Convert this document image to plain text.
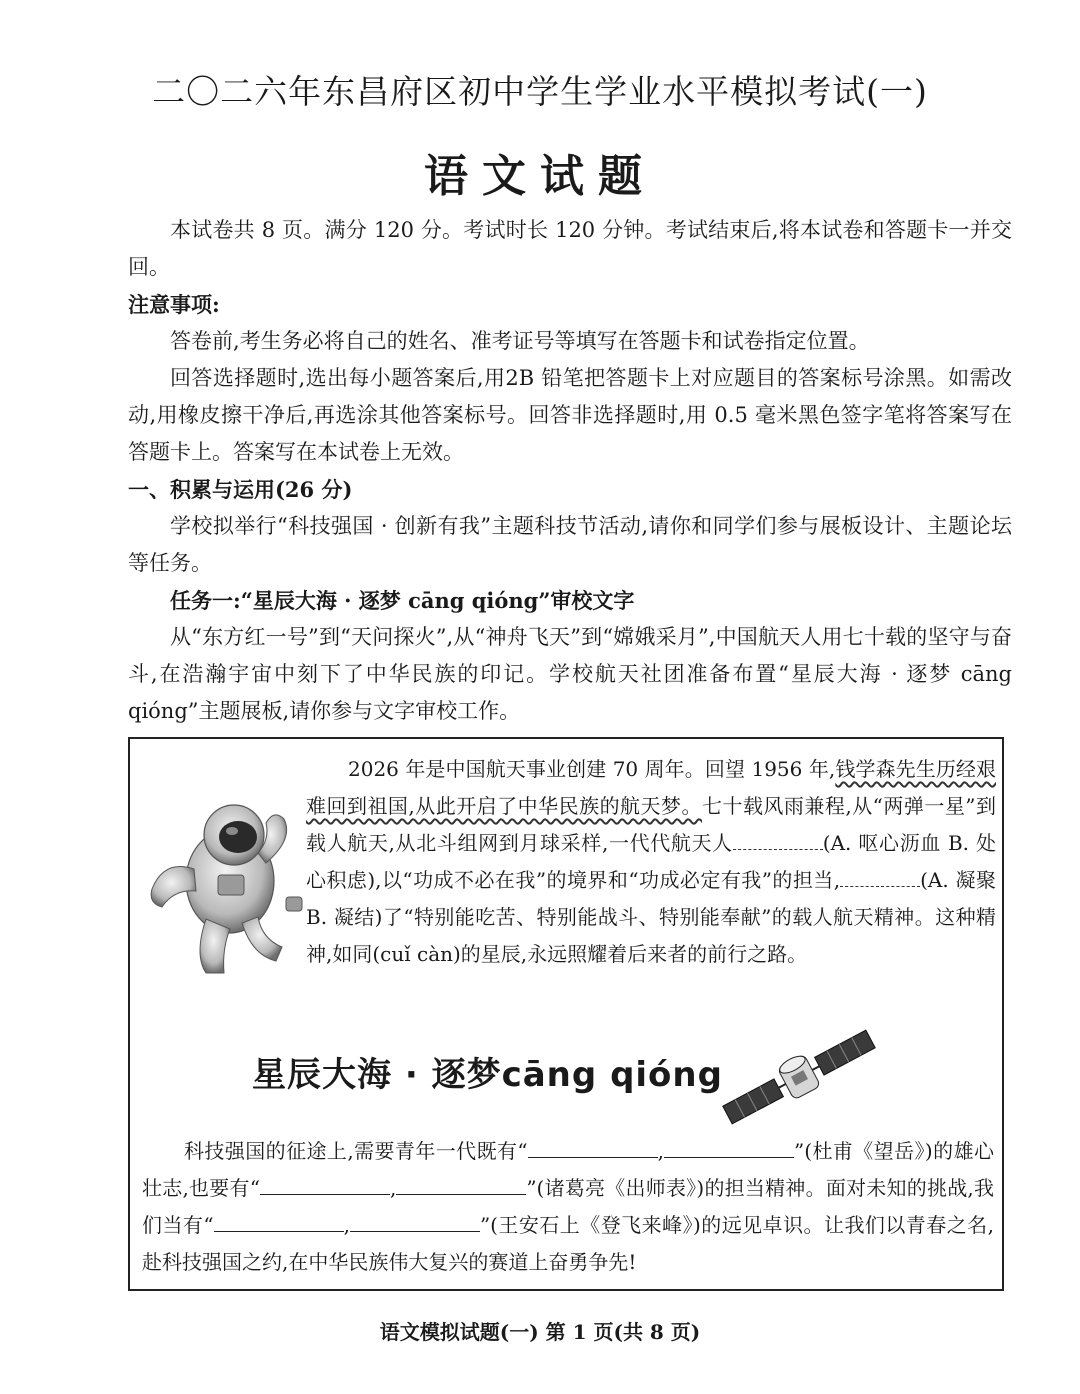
二〇二六年东昌府区初中学生学业水平模拟考试(一)
语文试题

本试卷共 8 页。满分 120 分。考试时长 120 分钟。考试结束后,将本试卷和答题卡一并交回。

注意事项:

答卷前,考生务必将自己的姓名、准考证号等填写在答题卡和试卷指定位置。

回答选择题时,选出每小题答案后,用2B 铅笔把答题卡上对应题目的答案标号涂黑。如需改动,用橡皮擦干净后,再选涂其他答案标号。回答非选择题时,用 0.5 毫米黑色签字笔将答案写在答题卡上。答案写在本试卷上无效。

一、积累与运用(26 分)

学校拟举行“科技强国 · 创新有我”主题科技节活动,请你和同学们参与展板设计、主题论坛等任务。

任务一:“星辰大海 · 逐梦 cāng qióng”审校文字

从“东方红一号”到“天问探火”,从“神舟飞天”到“嫦娥采月”,中国航天人用七十载的坚守与奋斗,在浩瀚宇宙中刻下了中华民族的印记。学校航天社团准备布置“星辰大海 · 逐梦 cāng qióng”主题展板,请你参与文字审校工作。

2026 年是中国航天事业创建 70 周年。回望 1956 年,钱学森先生历经艰难回到祖国,从此开启了中华民族的航天梦。七十载风雨兼程,从“两弹一星”到载人航天,从北斗组网到月球采样,一代代航天人	(A. 呕心沥血 B. 处心积虑),以“功成不必在我”的境界和“功成必定有我”的担当,	(A. 凝聚 B. 凝结)了“特别能吃苦、特别能战斗、特别能奉献”的载人航天精神。这种精神,如同(cuǐ càn)的星辰,永远照耀着后来者的前行之路。

星辰大海 · 逐梦cāng qióng

科技强国的征途上,需要青年一代既有“	,	”(杜甫《望岳》)的雄心壮志,也要有“	,	”(诸葛亮《出师表》)的担当精神。面对未知的挑战,我们当有“	,	”(王安石上《登飞来峰》)的远见卓识。让我们以青春之名,赴科技强国之约,在中华民族伟大复兴的赛道上奋勇争先!

语文模拟试题(一) 第 1 页(共 8 页)
